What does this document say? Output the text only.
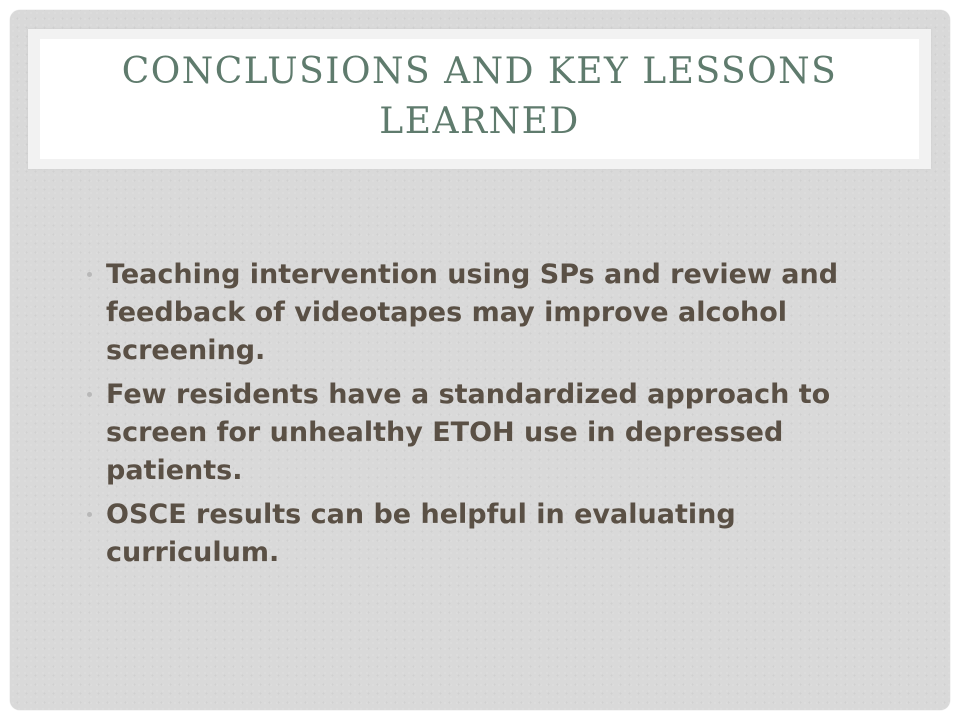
CONCLUSIONS AND KEY LESSONS LEARNED
Teaching intervention using SPs and review and feedback of videotapes may improve alcohol screening.
Few residents have a standardized approach to screen for unhealthy ETOH use in depressed patients.
OSCE results can be helpful in evaluating curriculum.
